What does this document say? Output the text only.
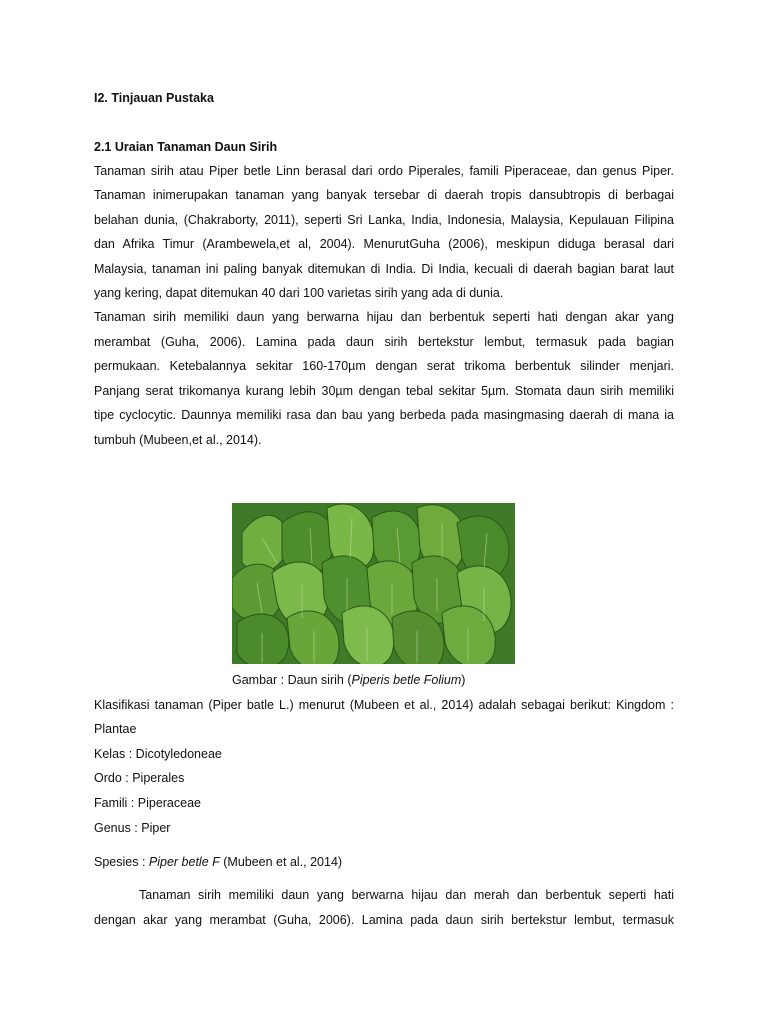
I2. Tinjauan Pustaka
2.1 Uraian Tanaman Daun Sirih
Tanaman sirih atau Piper betle Linn berasal dari ordo Piperales, famili Piperaceae, dan genus Piper.
Tanaman inimerupakan tanaman yang banyak tersebar di daerah tropis dansubtropis di berbagai
belahan dunia, (Chakraborty, 2011), seperti Sri Lanka, India, Indonesia, Malaysia, Kepulauan Filipina
dan Afrika Timur (Arambewela,et al, 2004). MenurutGuha (2006), meskipun diduga berasal dari
Malaysia, tanaman ini paling banyak ditemukan di India. Di India, kecuali di daerah bagian barat laut
yang kering, dapat ditemukan 40 dari 100 varietas sirih yang ada di dunia.
Tanaman sirih memiliki daun yang berwarna hijau dan berbentuk seperti hati dengan akar yang
merambat (Guha, 2006). Lamina pada daun sirih bertekstur lembut, termasuk pada bagian
permukaan. Ketebalannya sekitar 160-170µm dengan serat trikoma berbentuk silinder menjari.
Panjang serat trikomanya kurang lebih 30µm dengan tebal sekitar 5µm. Stomata daun sirih memiliki
tipe cyclocytic. Daunnya memiliki rasa dan bau yang berbeda pada masingmasing daerah di mana ia
tumbuh (Mubeen,et al., 2014).
Gambar : Daun sirih (Piperis betle Folium)
Klasifikasi tanaman (Piper batle L.) menurut (Mubeen et al., 2014) adalah sebagai berikut: Kingdom :
Plantae
Kelas : Dicotyledoneae
Ordo : Piperales
Famili : Piperaceae
Genus : Piper
Spesies : Piper betle F (Mubeen et al., 2014)
Tanaman sirih memiliki daun yang berwarna hijau dan merah dan berbentuk seperti hati
dengan akar yang merambat (Guha, 2006). Lamina pada daun sirih bertekstur lembut, termasuk
